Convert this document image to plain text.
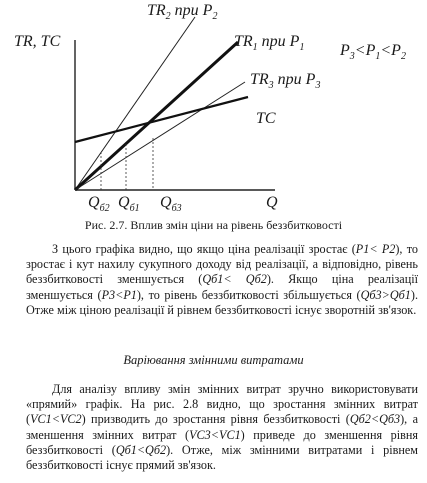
$TR_2$ при $P_2$
$TR_1$ при $P_1$
$TR_3$ при $P_3$
TC
TR, TC
Q
$P_3<P_1<P_2$
$Q_{б2}$ $Q_{б1}$ $Q_{б3}$
Рис. 2.7. Вплив змін ціни на рівень беззбитковості
З цього графіка видно, що якщо ціна реалізації зростає (P1< P2), то зростає і кут нахилу сукупного доходу від реалізації, а відповідно, рівень беззбитковості зменшується (Qб1< Qб2). Якщо ціна реалізації зменшується (P3<P1), то рівень беззбитковості збільшується (Qб3>Qб1). Отже між ціною реалізації й рівнем беззбитковості існує зворотній зв'язок.
Варіювання змінними витратами
Для аналізу впливу змін змінних витрат зручно використовувати «прямий» графік. На рис. 2.8 видно, що зростання змінних витрат (VC1<VC2) призводить до зростання рівня беззбитковості (Qб2<Qб3), а зменшення змінних витрат (VC3<VC1) приведе до зменшення рівня беззбитковості (Qб1<Qб2). Отже, між змінними витратами і рівнем беззбитковості існує прямий зв'язок.
